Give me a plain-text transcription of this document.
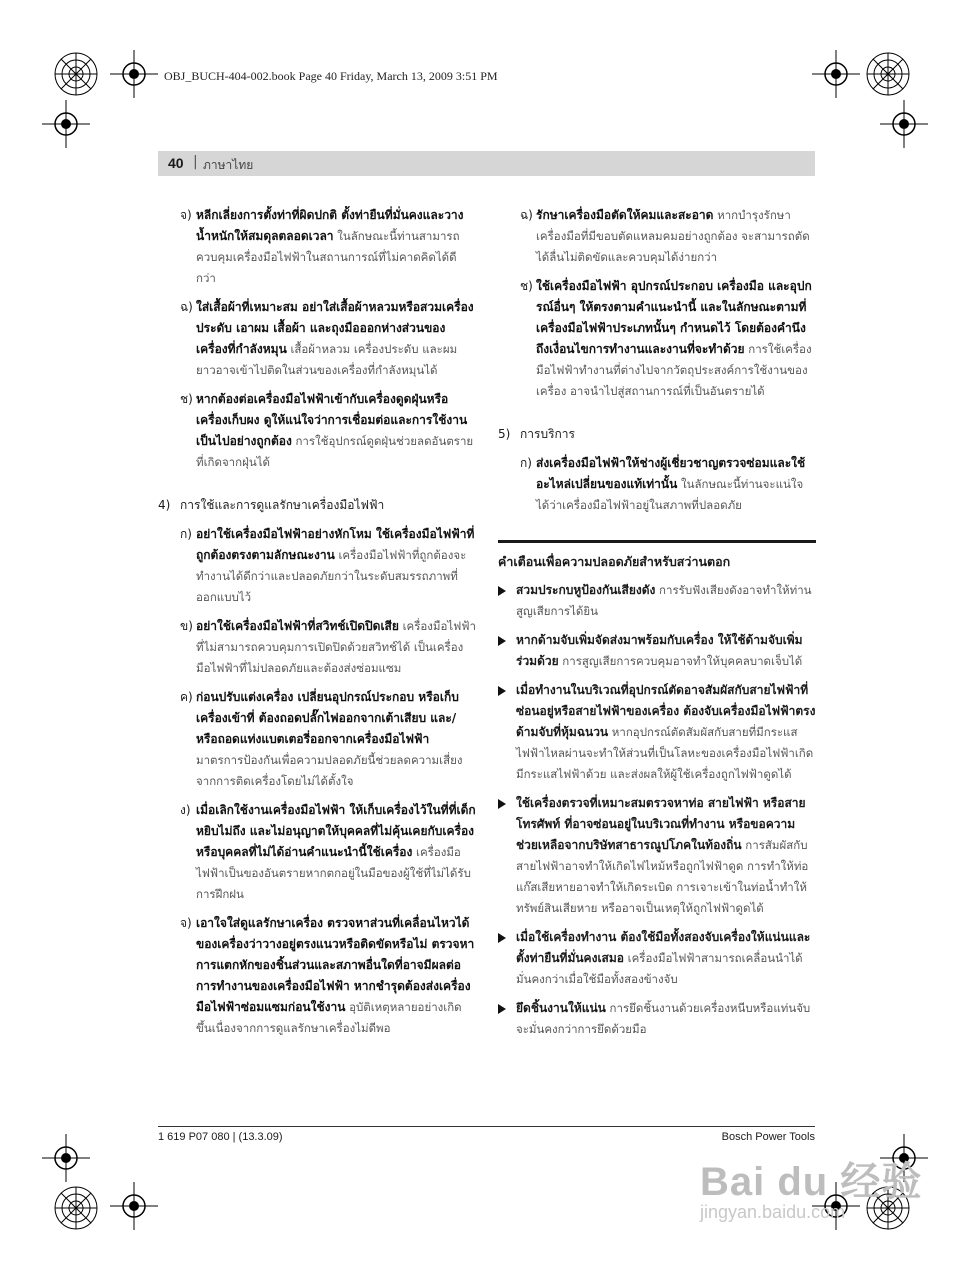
OBJ_BUCH-404-002.book Page 40 Friday, March 13, 2009 3:51 PM
40 | ภาษาไทย
จ) หลีกเลี่ยงการตั้งท่าที่ผิดปกติ ตั้งท่ายืนที่มั่นคงและวางน้ำหนักให้สมดุลตลอดเวลา ในลักษณะนี้ท่านสามารถควบคุมเครื่องมือไฟฟ้าในสถานการณ์ที่ไม่คาดคิดได้ดีกว่า
ฉ) ใส่เสื้อผ้าที่เหมาะสม อย่าใส่เสื้อผ้าหลวมหรือสวมเครื่องประดับ เอาผม เสื้อผ้า และถุงมือออกห่างส่วนของเครื่องที่กำลังหมุน เสื้อผ้าหลวม เครื่องประดับ และผมยาวอาจเข้าไปติดในส่วนของเครื่องที่กำลังหมุนได้
ช) หากต้องต่อเครื่องมือไฟฟ้าเข้ากับเครื่องดูดฝุ่นหรือเครื่องเก็บผง ดูให้แน่ใจว่าการเชื่อมต่อและการใช้งานเป็นไปอย่างถูกต้อง การใช้อุปกรณ์ดูดฝุ่นช่วยลดอันตรายที่เกิดจากฝุ่นได้
4) การใช้และการดูแลรักษาเครื่องมือไฟฟ้า
ก) อย่าใช้เครื่องมือไฟฟ้าอย่างหักโหม ใช้เครื่องมือไฟฟ้าที่ถูกต้องตรงตามลักษณะงาน เครื่องมือไฟฟ้าที่ถูกต้องจะทำงานได้ดีกว่าและปลอดภัยกว่าในระดับสมรรถภาพที่ออกแบบไว้
ข) อย่าใช้เครื่องมือไฟฟ้าที่สวิทช์เปิดปิดเสีย เครื่องมือไฟฟ้าที่ไม่สามารถควบคุมการเปิดปิดด้วยสวิทช์ได้ เป็นเครื่องมือไฟฟ้าที่ไม่ปลอดภัยและต้องส่งซ่อมแซม
ค) ก่อนปรับแต่งเครื่อง เปลี่ยนอุปกรณ์ประกอบ หรือเก็บเครื่องเข้าที่ ต้องถอดปลั๊กไฟออกจากเต้าเสียบ และ/หรือถอดแท่งแบตเตอรี่ออกจากเครื่องมือไฟฟ้า มาตรการป้องกันเพื่อความปลอดภัยนี้ช่วยลดความเสี่ยงจากการติดเครื่องโดยไม่ได้ตั้งใจ
ง) เมื่อเลิกใช้งานเครื่องมือไฟฟ้า ให้เก็บเครื่องไว้ในที่ที่เด็กหยิบไม่ถึง และไม่อนุญาตให้บุคคลที่ไม่คุ้นเคยกับเครื่องหรือบุคคลที่ไม่ได้อ่านคำแนะนำนี้ใช้เครื่อง เครื่องมือไฟฟ้าเป็นของอันตรายหากตกอยู่ในมือของผู้ใช้ที่ไม่ได้รับการฝึกฝน
จ) เอาใจใส่ดูแลรักษาเครื่อง ตรวจหาส่วนที่เคลื่อนไหวได้ของเครื่องว่าวางอยู่ตรงแนวหรือติดขัดหรือไม่ ตรวจหาการแตกหักของชิ้นส่วนและสภาพอื่นใดที่อาจมีผลต่อการทำงานของเครื่องมือไฟฟ้า หากชำรุดต้องส่งเครื่องมือไฟฟ้าซ่อมแซมก่อนใช้งาน อุบัติเหตุหลายอย่างเกิดขึ้นเนื่องจากการดูแลรักษาเครื่องไม่ดีพอ
ฉ) รักษาเครื่องมือตัดให้คมและสะอาด หากบำรุงรักษาเครื่องมือที่มีขอบตัดแหลมคมอย่างถูกต้อง จะสามารถตัดได้ลื่นไม่ติดขัดและควบคุมได้ง่ายกว่า
ช) ใช้เครื่องมือไฟฟ้า อุปกรณ์ประกอบ เครื่องมือ และอุปกรณ์อื่นๆ ให้ตรงตามคำแนะนำนี้ และในลักษณะตามที่เครื่องมือไฟฟ้าประเภทนั้นๆ กำหนดไว้ โดยต้องคำนึงถึงเงื่อนไขการทำงานและงานที่จะทำด้วย การใช้เครื่องมือไฟฟ้าทำงานที่ต่างไปจากวัตถุประสงค์การใช้งานของเครื่อง อาจนำไปสู่สถานการณ์ที่เป็นอันตรายได้
5) การบริการ
ก) ส่งเครื่องมือไฟฟ้าให้ช่างผู้เชี่ยวชาญตรวจซ่อมและใช้อะไหล่เปลี่ยนของแท้เท่านั้น ในลักษณะนี้ท่านจะแน่ใจได้ว่าเครื่องมือไฟฟ้าอยู่ในสภาพที่ปลอดภัย
คำเตือนเพื่อความปลอดภัยสำหรับสว่านตอก
สวมประกบหูป้องกันเสียงดัง การรับฟังเสียงดังอาจทำให้ท่านสูญเสียการได้ยิน
หากด้ามจับเพิ่มจัดส่งมาพร้อมกับเครื่อง ให้ใช้ด้ามจับเพิ่มร่วมด้วย การสูญเสียการควบคุมอาจทำให้บุคคลบาดเจ็บได้
เมื่อทำงานในบริเวณที่อุปกรณ์ตัดอาจสัมผัสกับสายไฟฟ้าที่ซ่อนอยู่หรือสายไฟฟ้าของเครื่อง ต้องจับเครื่องมือไฟฟ้าตรงด้ามจับที่หุ้มฉนวน หากอุปกรณ์ตัดสัมผัสกับสายที่มีกระแสไฟฟ้าไหลผ่านจะทำให้ส่วนที่เป็นโลหะของเครื่องมือไฟฟ้าเกิดมีกระแสไฟฟ้าด้วย และส่งผลให้ผู้ใช้เครื่องถูกไฟฟ้าดูดได้
ใช้เครื่องตรวจที่เหมาะสมตรวจหาท่อ สายไฟฟ้า หรือสายโทรศัพท์ ที่อาจซ่อนอยู่ในบริเวณที่ทำงาน หรือขอความช่วยเหลือจากบริษัทสาธารณูปโภคในท้องถิ่น การสัมผัสกับสายไฟฟ้าอาจทำให้เกิดไฟไหม้หรือถูกไฟฟ้าดูด การทำให้ท่อแก๊สเสียหายอาจทำให้เกิดระเบิด การเจาะเข้าในท่อน้ำทำให้ทรัพย์สินเสียหาย หรืออาจเป็นเหตุให้ถูกไฟฟ้าดูดได้
เมื่อใช้เครื่องทำงาน ต้องใช้มือทั้งสองจับเครื่องให้แน่นและตั้งท่ายืนที่มั่นคงเสมอ เครื่องมือไฟฟ้าสามารถเคลื่อนนำได้มั่นคงกว่าเมื่อใช้มือทั้งสองข้างจับ
ยึดชิ้นงานให้แน่น การยึดชิ้นงานด้วยเครื่องหนีบหรือแท่นจับจะมั่นคงกว่าการยึดด้วยมือ
1 619 P07 080 | (13.3.09)	Bosch Power Tools
Bai du 经验
jingyan.baidu.com
